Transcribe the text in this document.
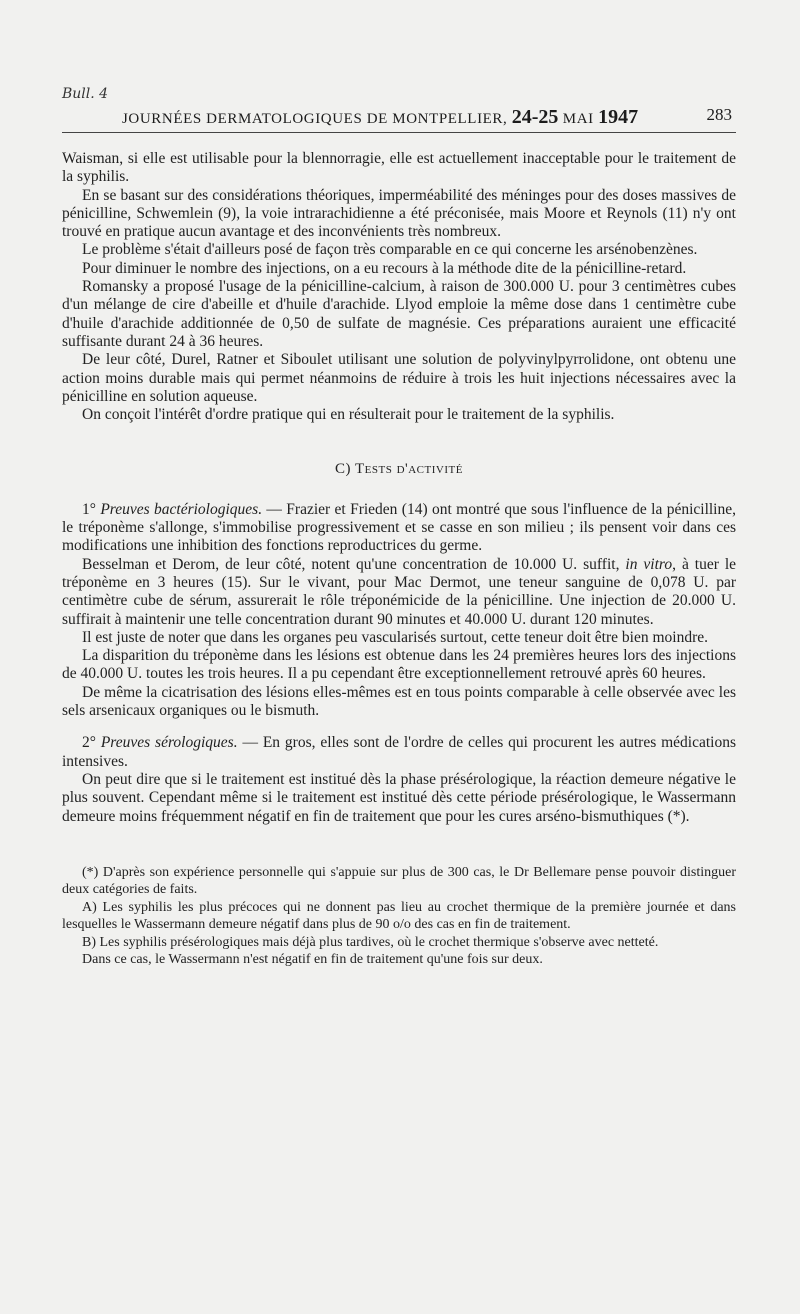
Bull. 4
JOURNÉES DERMATOLOGIQUES DE MONTPELLIER, 24-25 MAI 1947	283

Waisman, si elle est utilisable pour la blennorragie, elle est actuellement inacceptable pour le traitement de la syphilis.

En se basant sur des considérations théoriques, imperméabilité des méninges pour des doses massives de pénicilline, Schwemlein (9), la voie intrarachidienne a été préconisée, mais Moore et Reynols (11) n'y ont trouvé en pratique aucun avantage et des inconvénients très nombreux.

Le problème s'était d'ailleurs posé de façon très comparable en ce qui concerne les arsénobenzènes.

Pour diminuer le nombre des injections, on a eu recours à la méthode dite de la pénicilline-retard.

Romansky a proposé l'usage de la pénicilline-calcium, à raison de 300.000 U. pour 3 centimètres cubes d'un mélange de cire d'abeille et d'huile d'arachide. Llyod emploie la même dose dans 1 centimètre cube d'huile d'arachide additionnée de 0,50 de sulfate de magnésie. Ces préparations auraient une efficacité suffisante durant 24 à 36 heures.

De leur côté, Durel, Ratner et Siboulet utilisant une solution de polyvinylpyrrolidone, ont obtenu une action moins durable mais qui permet néanmoins de réduire à trois les huit injections nécessaires avec la pénicilline en solution aqueuse.

On conçoit l'intérêt d'ordre pratique qui en résulterait pour le traitement de la syphilis.

C) Tests d'activité

1° Preuves bactériologiques. — Frazier et Frieden (14) ont montré que sous l'influence de la pénicilline, le tréponème s'allonge, s'immobilise progressivement et se casse en son milieu ; ils pensent voir dans ces modifications une inhibition des fonctions reproductrices du germe.

Besselman et Derom, de leur côté, notent qu'une concentration de 10.000 U. suffit, in vitro, à tuer le tréponème en 3 heures (15). Sur le vivant, pour Mac Dermot, une teneur sanguine de 0,078 U. par centimètre cube de sérum, assurerait le rôle tréponémicide de la pénicilline. Une injection de 20.000 U. suffirait à maintenir une telle concentration durant 90 minutes et 40.000 U. durant 120 minutes.

Il est juste de noter que dans les organes peu vascularisés surtout, cette teneur doit être bien moindre.

La disparition du tréponème dans les lésions est obtenue dans les 24 premières heures lors des injections de 40.000 U. toutes les trois heures. Il a pu cependant être exceptionnellement retrouvé après 60 heures.

De même la cicatrisation des lésions elles-mêmes est en tous points comparable à celle observée avec les sels arsenicaux organiques ou le bismuth.

2° Preuves sérologiques. — En gros, elles sont de l'ordre de celles qui procurent les autres médications intensives.

On peut dire que si le traitement est institué dès la phase présérologique, la réaction demeure négative le plus souvent. Cependant même si le traitement est institué dès cette période présérologique, le Wassermann demeure moins fréquemment négatif en fin de traitement que pour les cures arséno-bismuthiques (*).

(*) D'après son expérience personnelle qui s'appuie sur plus de 300 cas, le Dr Bellemare pense pouvoir distinguer deux catégories de faits.

A) Les syphilis les plus précoces qui ne donnent pas lieu au crochet thermique de la première journée et dans lesquelles le Wassermann demeure négatif dans plus de 90 o/o des cas en fin de traitement.

B) Les syphilis présérologiques mais déjà plus tardives, où le crochet thermique s'observe avec netteté.

Dans ce cas, le Wassermann n'est négatif en fin de traitement qu'une fois sur deux.
